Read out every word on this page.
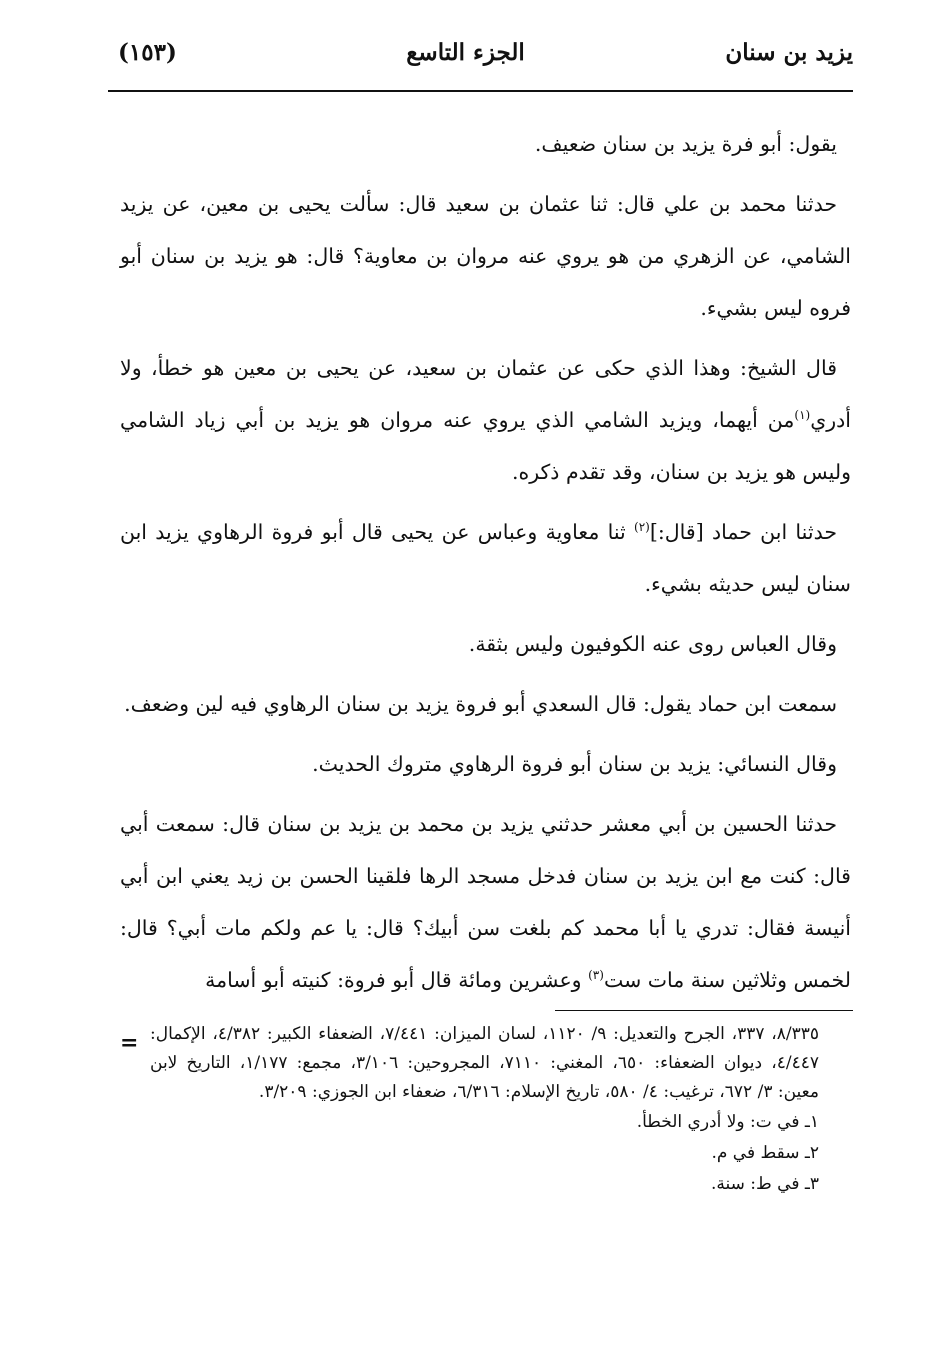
يزيد بن سنان
الجزء التاسع
(١٥٣)

يقول: أبو فرة يزيد بن سنان ضعيف.

حدثنا محمد بن علي قال: ثنا عثمان بن سعيد قال: سألت يحيى بن معين، عن يزيد الشامي، عن الزهري من هو يروي عنه مروان بن معاوية؟ قال: هو يزيد بن سنان أبو فروه ليس بشيء.

قال الشيخ: وهذا الذي حكى عن عثمان بن سعيد، عن يحيى بن معين هو خطأ، ولا أدري$^{(١)}$من أيهما، ويزيد الشامي الذي يروي عنه مروان هو يزيد بن أبي زياد الشامي وليس هو يزيد بن سنان، وقد تقدم ذكره.

حدثنا ابن حماد [قال:]$^{(٢)}$ ثنا معاوية وعباس عن يحيى قال أبو فروة الرهاوي يزيد ابن سنان ليس حديثه بشيء.

وقال العباس روى عنه الكوفيون وليس بثقة.

سمعت ابن حماد يقول: قال السعدي أبو فروة يزيد بن سنان الرهاوي فيه لين وضعف.

وقال النسائي: يزيد بن سنان أبو فروة الرهاوي متروك الحديث.

حدثنا الحسين بن أبي معشر حدثني يزيد بن محمد بن يزيد بن سنان قال: سمعت أبي قال: كنت مع ابن يزيد بن سنان فدخل مسجد الرها فلقينا الحسن بن زيد يعني ابن أبي أنيسة فقال: تدري يا أبا محمد كم بلغت سن أبيك؟ قال: يا عم ولكم مات أبي؟ قال: لخمس وثلاثين سنة مات ست$^{(٣)}$ وعشرين ومائة قال أبو فروة: كنيته أبو أسامة

= ٨/٣٣٥، ٣٣٧، الجرح والتعديل: ٩/ ١١٢٠، لسان الميزان: ٧/٤٤١، الضعفاء الكبير: ٤/٣٨٢، الإكمال: ٤/٤٤٧، ديوان الضعفاء: ٦٥٠، المغني: ٧١١٠، المجروحين: ٣/١٠٦، مجمع: ١/١٧٧، التاريخ لابن معين: ٣/ ٦٧٢، ترغيب: ٤/ ٥٨٠، تاريخ الإسلام: ٦/٣١٦، ضعفاء ابن الجوزي: ٣/٢٠٩.

١ـ في ت: ولا أدري الخطأ.

٢ـ سقط في م.

٣ـ في ط: سنة.
